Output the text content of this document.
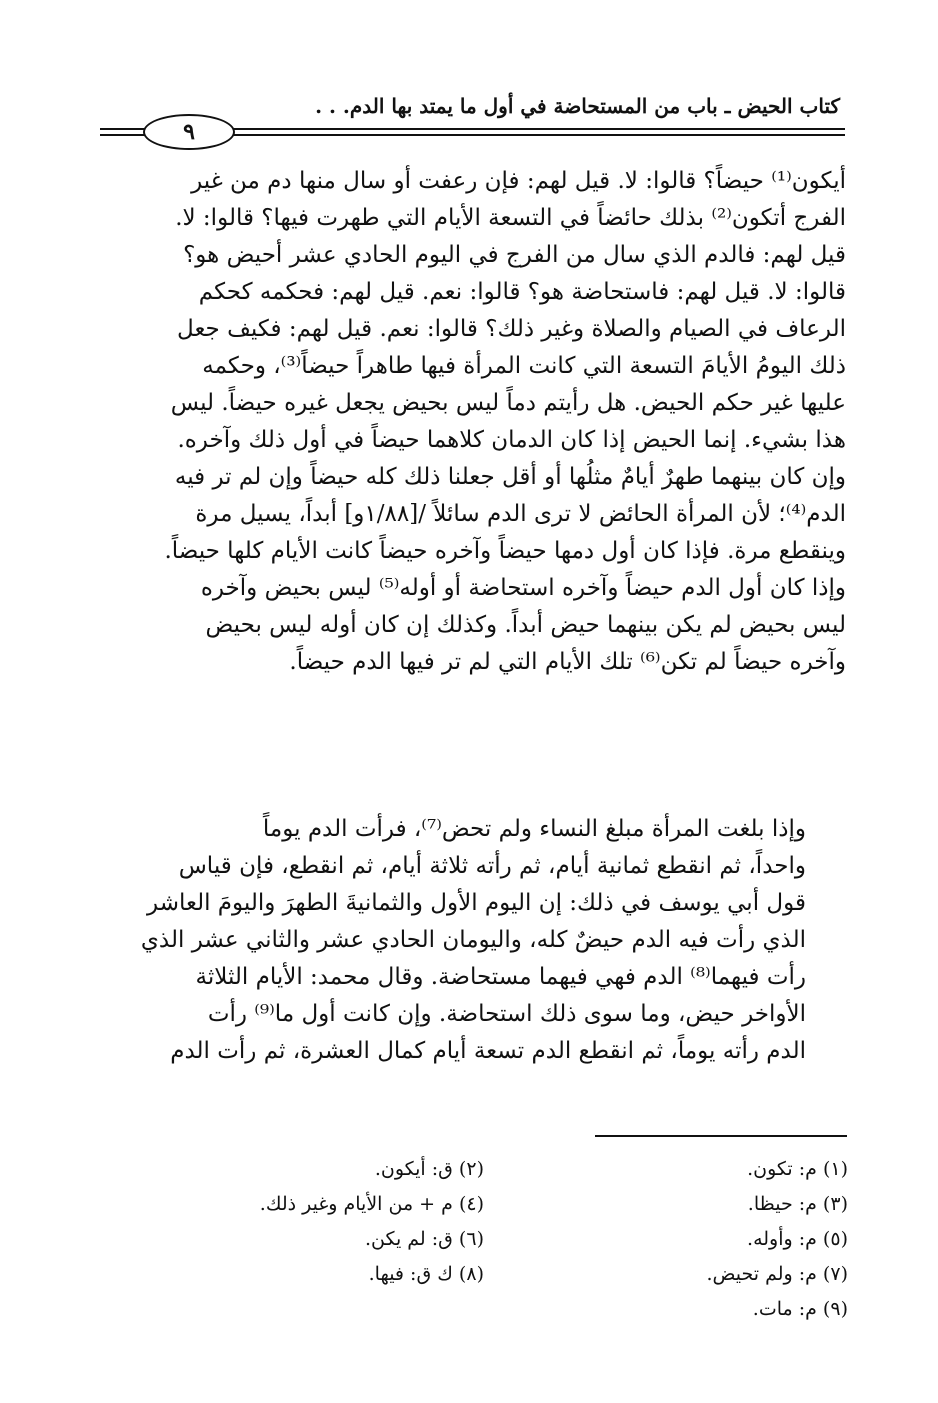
كتاب الحيض ـ باب من المستحاضة في أول ما يمتد بها الدم. . .
٩
أيكون⁽¹⁾ حيضاً؟ قالوا: لا. قيل لهم: فإن رعفت أو سال منها دم من غير
الفرج أتكون⁽²⁾ بذلك حائضاً في التسعة الأيام التي طهرت فيها؟ قالوا: لا.
قيل لهم: فالدم الذي سال من الفرج في اليوم الحادي عشر أحيض هو؟
قالوا: لا. قيل لهم: فاستحاضة هو؟ قالوا: نعم. قيل لهم: فحكمه كحكم
الرعاف في الصيام والصلاة وغير ذلك؟ قالوا: نعم. قيل لهم: فكيف جعل
ذلك اليومُ الأيامَ التسعة التي كانت المرأة فيها طاهراً حيضاً⁽³⁾، وحكمه
عليها غير حكم الحيض. هل رأيتم دماً ليس بحيض يجعل غيره حيضاً. ليس
هذا بشيء. إنما الحيض إذا كان الدمان كلاهما حيضاً في أول ذلك وآخره.
وإن كان بينهما طهرٌ أيامٌ مثلُها أو أقل جعلنا ذلك كله حيضاً وإن لم تر فيه
الدم⁽⁴⁾؛ لأن المرأة الحائض لا ترى الدم سائلاً /[١/٨٨و] أبداً، يسيل مرة
وينقطع مرة. فإذا كان أول دمها حيضاً وآخره حيضاً كانت الأيام كلها حيضاً.
وإذا كان أول الدم حيضاً وآخره استحاضة أو أوله⁽⁵⁾ ليس بحيض وآخره
ليس بحيض لم يكن بينهما حيض أبداً. وكذلك إن كان أوله ليس بحيض
وآخره حيضاً لم تكن⁽⁶⁾ تلك الأيام التي لم تر فيها الدم حيضاً.
وإذا بلغت المرأة مبلغ النساء ولم تحض⁽⁷⁾، فرأت الدم يوماً
واحداً، ثم انقطع ثمانية أيام، ثم رأته ثلاثة أيام، ثم انقطع، فإن قياس
قول أبي يوسف في ذلك: إن اليوم الأول والثمانيةَ الطهرَ واليومَ العاشر
الذي رأت فيه الدم حيضٌ كله، واليومان الحادي عشر والثاني عشر الذي
رأت فيهما⁽⁸⁾ الدم فهي فيهما مستحاضة. وقال محمد: الأيام الثلاثة
الأواخر حيض، وما سوى ذلك استحاضة. وإن كانت أول ما⁽⁹⁾ رأت
الدم رأته يوماً، ثم انقطع الدم تسعة أيام كمال العشرة، ثم رأت الدم
(١) م: تكون.
(٢) ق: أيكون.
(٣) م: حيظا.
(٤) م + من الأيام وغير ذلك.
(٥) م: وأوله.
(٦) ق: لم يكن.
(٧) م: ولم تحيض.
(٨) ك ق: فيها.
(٩) م: مات.
